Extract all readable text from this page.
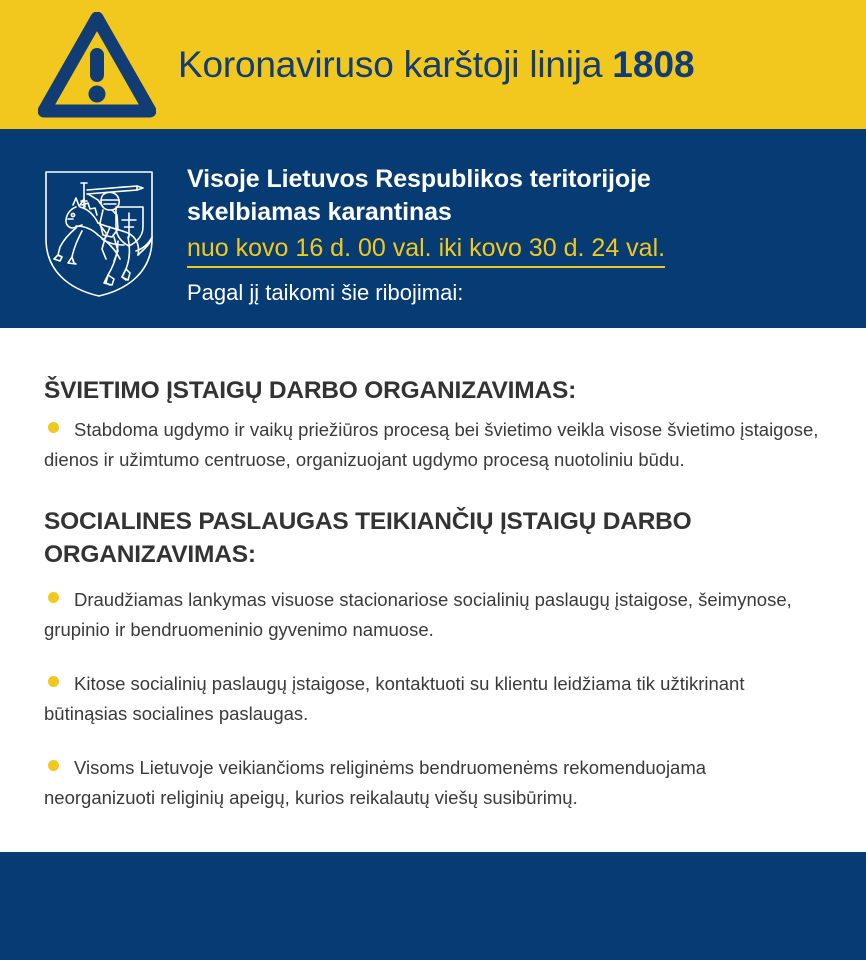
Koronaviruso karštoji linija 1808
Visoje Lietuvos Respublikos teritorijoje
skelbiamas karantinas
nuo kovo 16 d. 00 val. iki kovo 30 d. 24 val.
Pagal jį taikomi šie ribojimai:
ŠVIETIMO ĮSTAIGŲ DARBO ORGANIZAVIMAS:

Stabdoma ugdymo ir vaikų priežiūros procesą bei švietimo veikla visose švietimo įstaigose, dienos ir užimtumo centruose, organizuojant ugdymo procesą nuotoliniu būdu.

SOCIALINES PASLAUGAS TEIKIANČIŲ ĮSTAIGŲ DARBO ORGANIZAVIMAS:

Draudžiamas lankymas visuose stacionariose socialinių paslaugų įstaigose, šeimynose, grupinio ir bendruomeninio gyvenimo namuose.

Kitose socialinių paslaugų įstaigose, kontaktuoti su klientu leidžiama tik užtikrinant būtinąsias socialines paslaugas.

Visoms Lietuvoje veikiančioms religinėms bendruomenėms rekomenduojama neorganizuoti religinių apeigų, kurios reikalautų viešų susibūrimų.
